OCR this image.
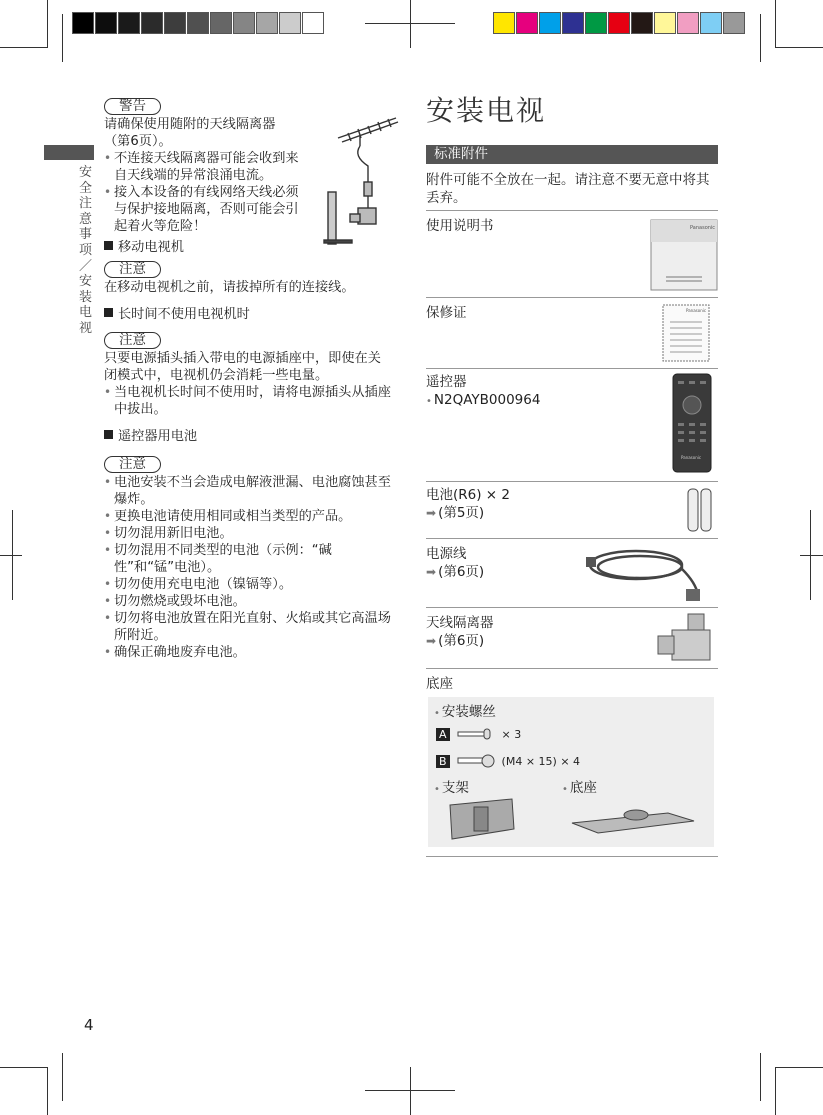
安全注意事项／安装电视
警告

请确保使用随附的天线隔离器（第6页）。

• 不连接天线隔离器可能会收到来自天线端的异常浪涌电流。

• 接入本设备的有线网络天线必须与保护接地隔离，否则可能会引起着火等危险！

移动电视机
注意

在移动电视机之前，请拔掉所有的连接线。

长时间不使用电视机时
注意

只要电源插头插入带电的电源插座中，即使在关闭模式中，电视机仍会消耗一些电量。

• 当电视机长时间不使用时，请将电源插头从插座中拔出。

遥控器用电池
注意

• 电池安装不当会造成电解液泄漏、电池腐蚀甚至爆炸。

• 更换电池请使用相同或相当类型的产品。

• 切勿混用新旧电池。

• 切勿混用不同类型的电池（示例：“碱性”和“锰”电池）。

• 切勿使用充电电池（镍镉等）。

• 切勿燃烧或毁坏电池。

• 切勿将电池放置在阳光直射、火焰或其它高温场所附近。

• 确保正确地废弃电池。

安装电视
标准附件
附件可能不全放在一起。请注意不要无意中将其丢弃。
使用说明书	Panasonic
保修证	Panasonic
遥控器
• N2QAYB000964
Panasonic
电池(R6) × 2
➡ (第5页)
电源线
➡ (第6页)
天线隔离器
➡ (第6页)
底座
• 安装螺丝
A	× 3
B	(M4 × 15) × 4
• 支架	• 底座
4
